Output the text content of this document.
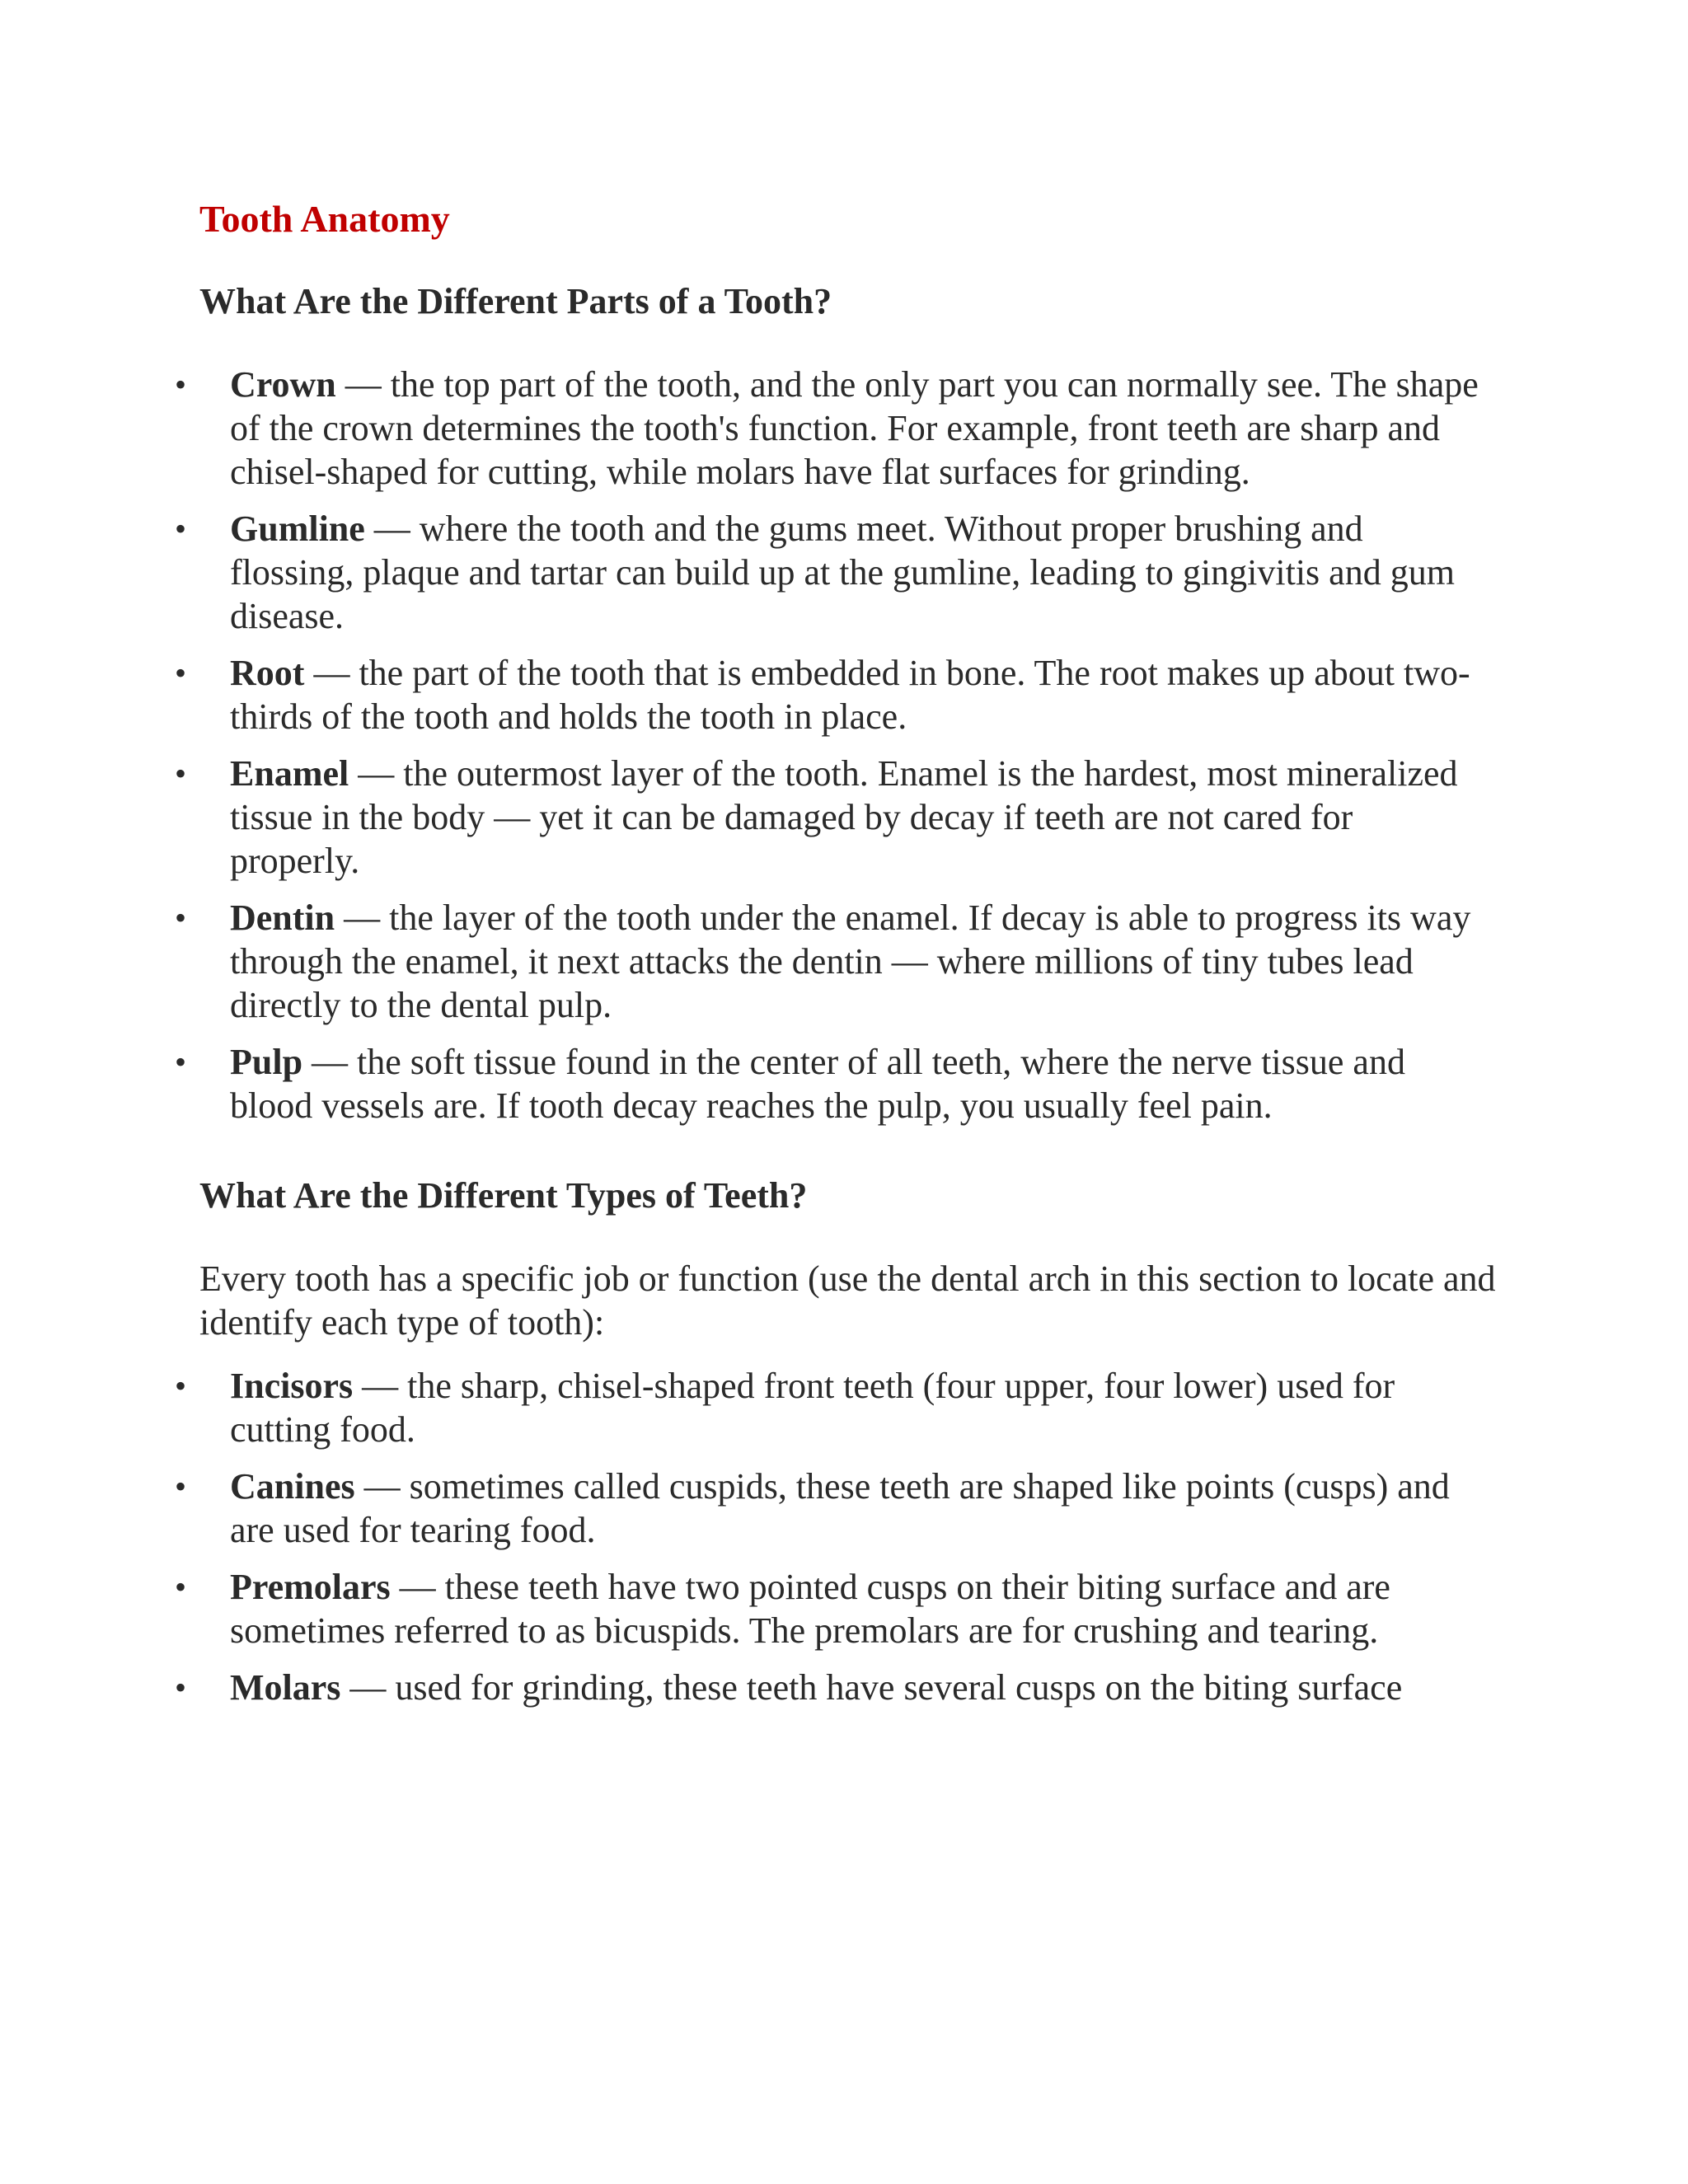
Tooth Anatomy
What Are the Different Parts of a Tooth?
• Crown — the top part of the tooth, and the only part you can normally see. The shape of the crown determines the tooth's function. For example, front teeth are sharp and chisel-shaped for cutting, while molars have flat surfaces for grinding.
• Gumline — where the tooth and the gums meet. Without proper brushing and flossing, plaque and tartar can build up at the gumline, leading to gingivitis and gum disease.
• Root — the part of the tooth that is embedded in bone. The root makes up about two-thirds of the tooth and holds the tooth in place.
• Enamel — the outermost layer of the tooth. Enamel is the hardest, most mineralized tissue in the body — yet it can be damaged by decay if teeth are not cared for properly.
• Dentin — the layer of the tooth under the enamel. If decay is able to progress its way through the enamel, it next attacks the dentin — where millions of tiny tubes lead directly to the dental pulp.
• Pulp — the soft tissue found in the center of all teeth, where the nerve tissue and blood vessels are. If tooth decay reaches the pulp, you usually feel pain.
What Are the Different Types of Teeth?

Every tooth has a specific job or function (use the dental arch in this section to locate and identify each type of tooth):

• Incisors — the sharp, chisel-shaped front teeth (four upper, four lower) used for cutting food.
• Canines — sometimes called cuspids, these teeth are shaped like points (cusps) and are used for tearing food.
• Premolars — these teeth have two pointed cusps on their biting surface and are sometimes referred to as bicuspids. The premolars are for crushing and tearing.
• Molars — used for grinding, these teeth have several cusps on the biting surface
